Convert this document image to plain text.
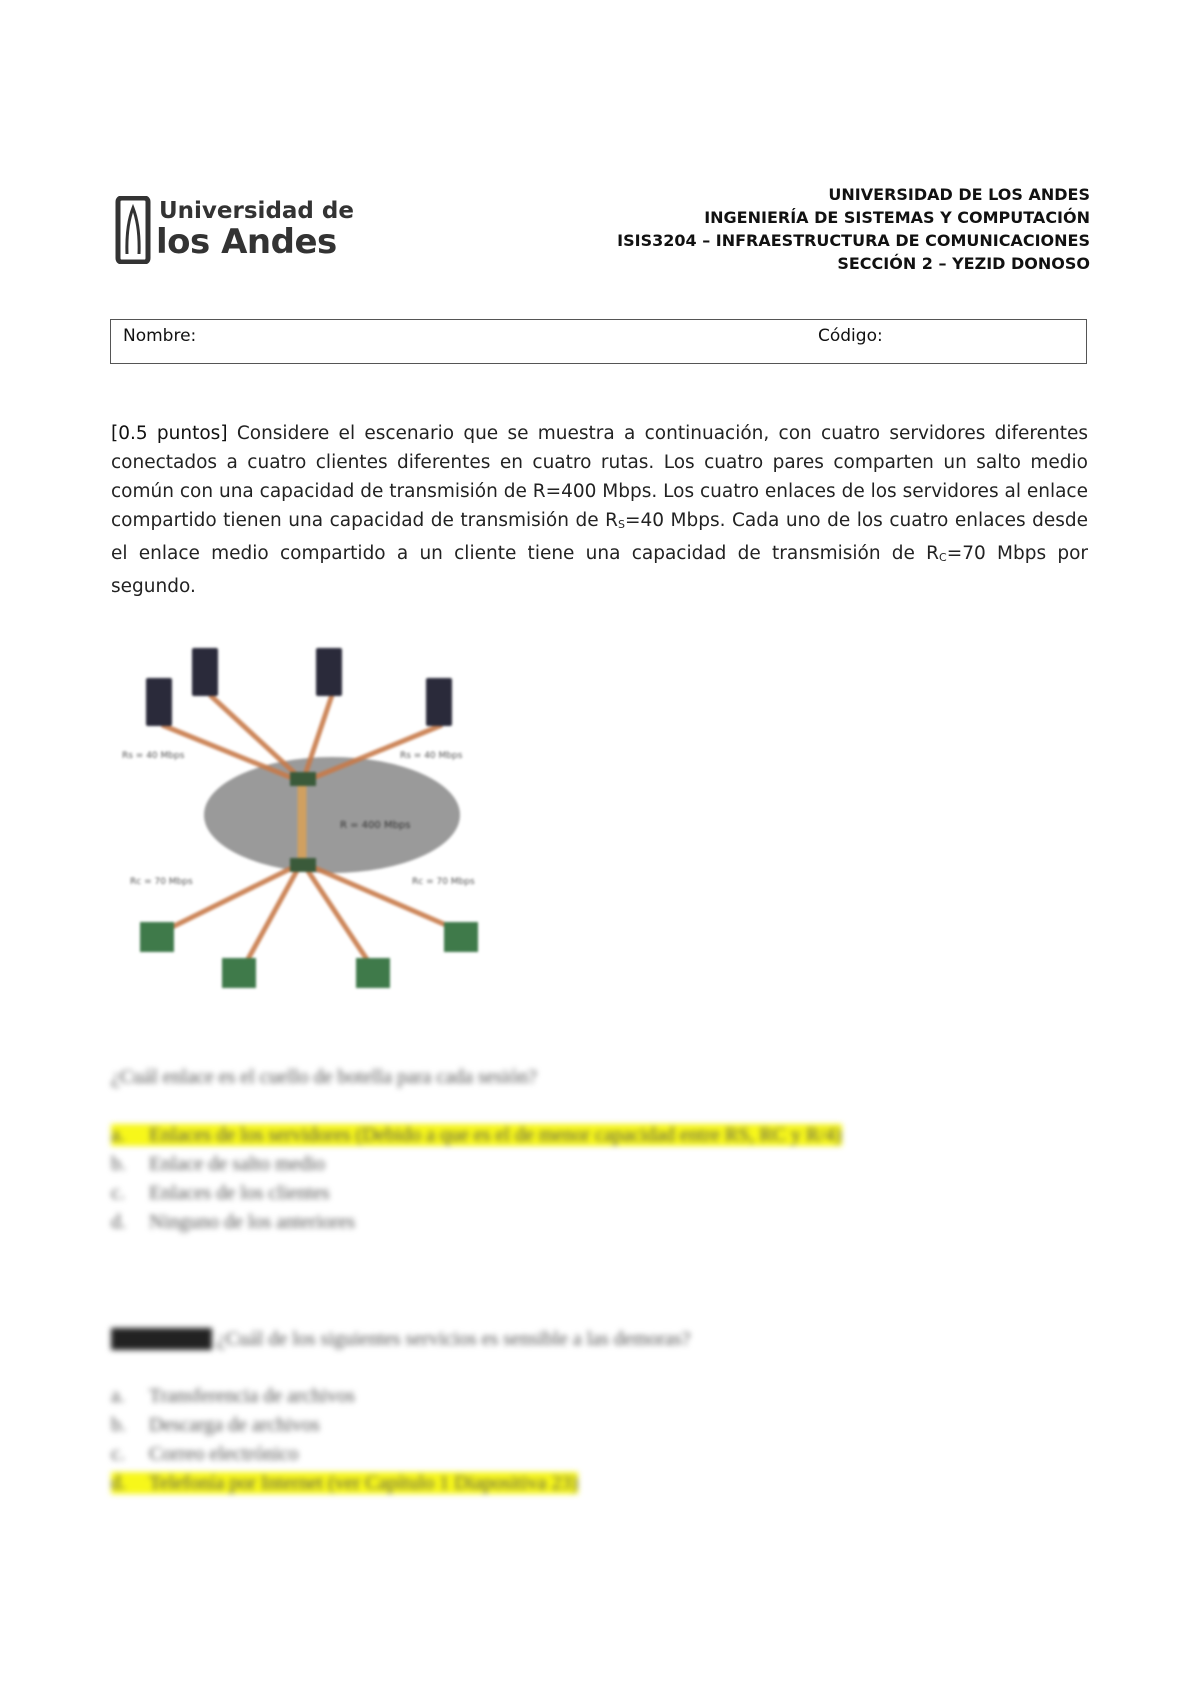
Universidad de
los Andes
UNIVERSIDAD DE LOS ANDES
INGENIERÍA DE SISTEMAS Y COMPUTACIÓN
ISIS3204 – INFRAESTRUCTURA DE COMUNICACIONES
SECCIÓN 2 – YEZID DONOSO
Nombre:	Código:
[0.5 puntos] Considere el escenario que se muestra a continuación, con cuatro servidores diferentes conectados a cuatro clientes diferentes en cuatro rutas. Los cuatro pares comparten un salto medio común con una capacidad de transmisión de R=400 Mbps. Los cuatro enlaces de los servidores al enlace compartido tienen una capacidad de transmisión de $R_S=40$ Mbps. Cada uno de los cuatro enlaces desde el enlace medio compartido a un cliente tiene una capacidad de transmisión de $R_C=70$ Mbps por segundo.
R = 400 Mbps
Rs = 40 Mbps	Rs = 40 Mbps
Rc = 70 Mbps	Rc = 70 Mbps
¿Cuál enlace es el cuello de botella para cada sesión?
a. Enlaces de los servidores (Debido a que es el de menor capacidad entre RS, RC y R/4)
b. Enlace de salto medio
c. Enlaces de los clientes
d. Ninguno de los anteriores
[0.5 puntos] ¿Cuál de los siguientes servicios es sensible a las demoras?
a. Transferencia de archivos
b. Descarga de archivos
c. Correo electrónico
d. Telefonía por Internet (ver Capítulo 1 Diapositiva 23)
